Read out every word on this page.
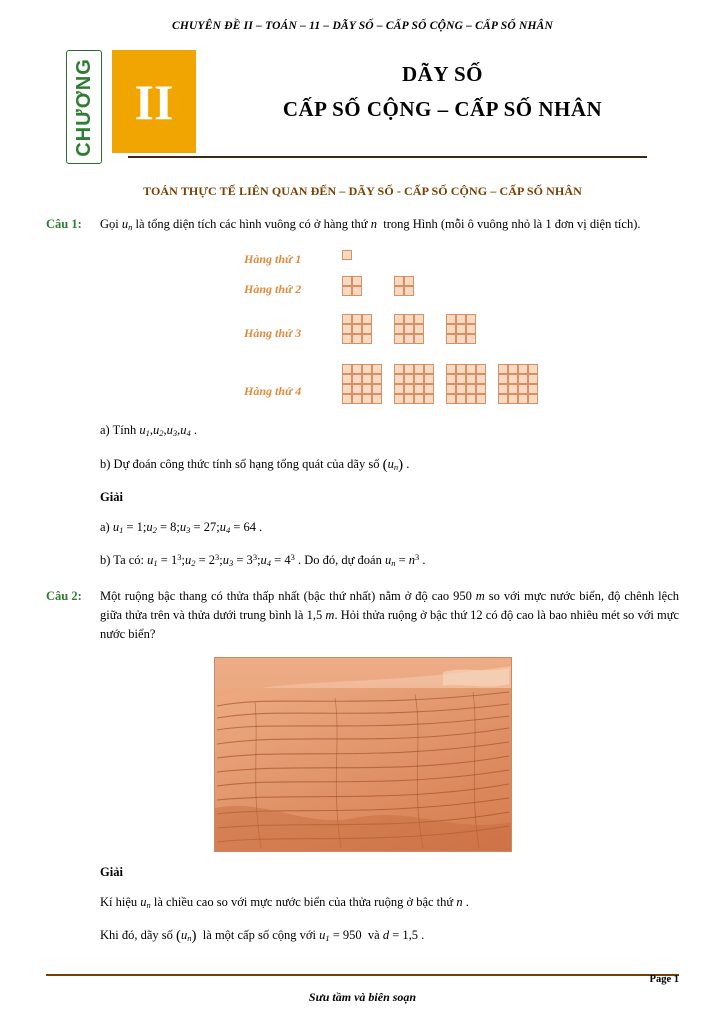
CHUYÊN ĐỀ II – TOÁN – 11 – DÃY SỐ – CẤP SỐ CỘNG – CẤP SỐ NHÂN
CHƯƠNG II	DÃY SỐ
CẤP SỐ CỘNG – CẤP SỐ NHÂN
TOÁN THỰC TẾ LIÊN QUAN ĐẾN – DÃY SỐ - CẤP SỐ CỘNG – CẤP SỐ NHÂN
Câu 1:	Gọi un là tổng diện tích các hình vuông có ở hàng thứ n  trong Hình (mỗi ô vuông nhỏ là 1 đơn vị diện tích).
Hàng thứ 1
Hàng thứ 2
Hàng thứ 3
Hàng thứ 4
a) Tính u1,u2,u3,u4 .
b) Dự đoán công thức tính số hạng tổng quát của dãy số (un) .
Giải
a) u1 = 1;u2 = 8;u3 = 27;u4 = 64 .
b) Ta có: $u1 = 1^3;u2$ = $2^3;u3$ = $3^3;u4 = 4^3$ . Do đó, dự đoán un = $n^3$ .
Câu 2:	Một ruộng bậc thang có thửa thấp nhất (bậc thứ nhất) nằm ở độ cao 950 m so với mực nước biển, độ chênh lệch giữa thửa trên và thửa dưới trung bình là 1,5 m. Hỏi thửa ruộng ở bậc thứ 12 có độ cao là bao nhiêu mét so với mực nước biển?
Giải
Kí hiệu un là chiều cao so với mực nước biển của thửa ruộng ở bậc thứ n .
Khi đó, dãy số (un)  là một cấp số cộng với u1 = 950  và d = 1,5 .
Page 1
Sưu tầm và biên soạn
